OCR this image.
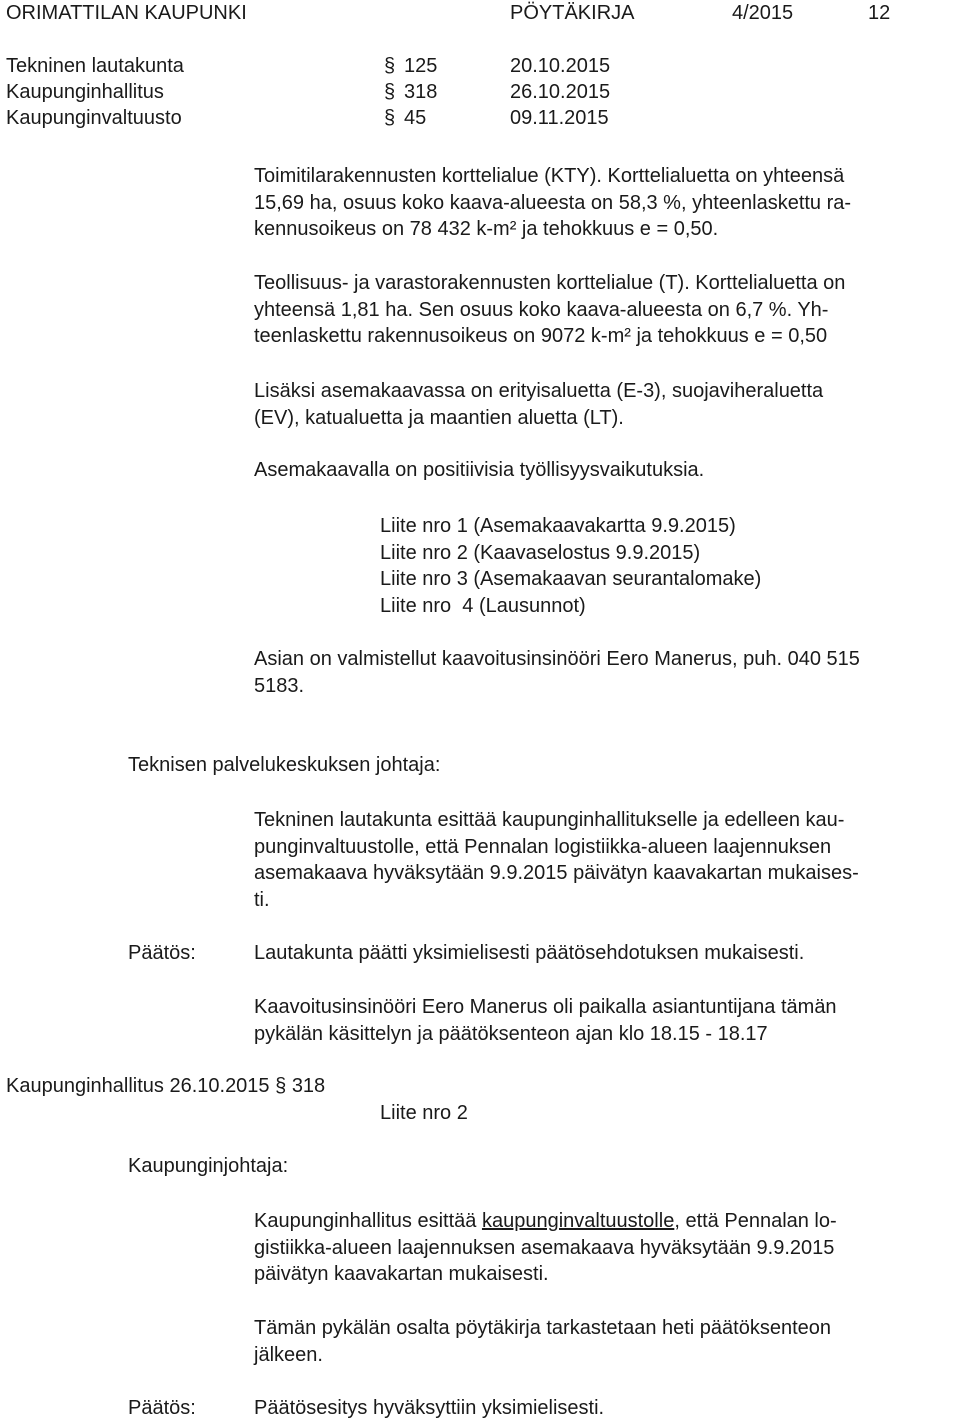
ORIMATTILAN KAUPUNKI	PÖYTÄKIRJA	4/2015	12
Tekninen lautakunta	§ 125	20.10.2015
Kaupunginhallitus	§ 318	26.10.2015
Kaupunginvaltuusto	§ 45	09.11.2015
Toimitilarakennusten korttelialue (KTY). Korttelialuetta on yhteensä
15,69 ha, osuus koko kaava-alueesta on 58,3 %, yhteenlaskettu ra-
kennusoikeus on 78 432 k-m² ja tehokkuus e = 0,50.
Teollisuus- ja varastorakennusten korttelialue (T). Korttelialuetta on
yhteensä 1,81 ha. Sen osuus koko kaava-alueesta on 6,7 %. Yh-
teenlaskettu rakennusoikeus on 9072 k-m² ja tehokkuus e = 0,50
Lisäksi asemakaavassa on erityisaluetta (E-3), suojaviheraluetta
(EV), katualuetta ja maantien aluetta (LT).
Asemakaavalla on positiivisia työllisyysvaikutuksia.
Liite nro 1 (Asemakaavakartta 9.9.2015)
Liite nro 2 (Kaavaselostus 9.9.2015)
Liite nro 3 (Asemakaavan seurantalomake)
Liite nro  4 (Lausunnot)
Asian on valmistellut kaavoitusinsinööri Eero Manerus, puh. 040 515
5183.
Teknisen palvelukeskuksen johtaja:
Tekninen lautakunta esittää kaupunginhallitukselle ja edelleen kau-
punginvaltuustolle, että Pennalan logistiikka-alueen laajennuksen
asemakaava hyväksytään 9.9.2015 päivätyn kaavakartan mukaises-
ti.
Päätös:	Lautakunta päätti yksimielisesti päätösehdotuksen mukaisesti.
Kaavoitusinsinööri Eero Manerus oli paikalla asiantuntijana tämän
pykälän käsittelyn ja päätöksenteon ajan klo 18.15 - 18.17
Kaupunginhallitus 26.10.2015 § 318
Liite nro 2
Kaupunginjohtaja:
Kaupunginhallitus esittää kaupunginvaltuustolle, että Pennalan lo-
gistiikka-alueen laajennuksen asemakaava hyväksytään 9.9.2015
päivätyn kaavakartan mukaisesti.
Tämän pykälän osalta pöytäkirja tarkastetaan heti päätöksenteon
jälkeen.
Päätös:	Päätösesitys hyväksyttiin yksimielisesti.
